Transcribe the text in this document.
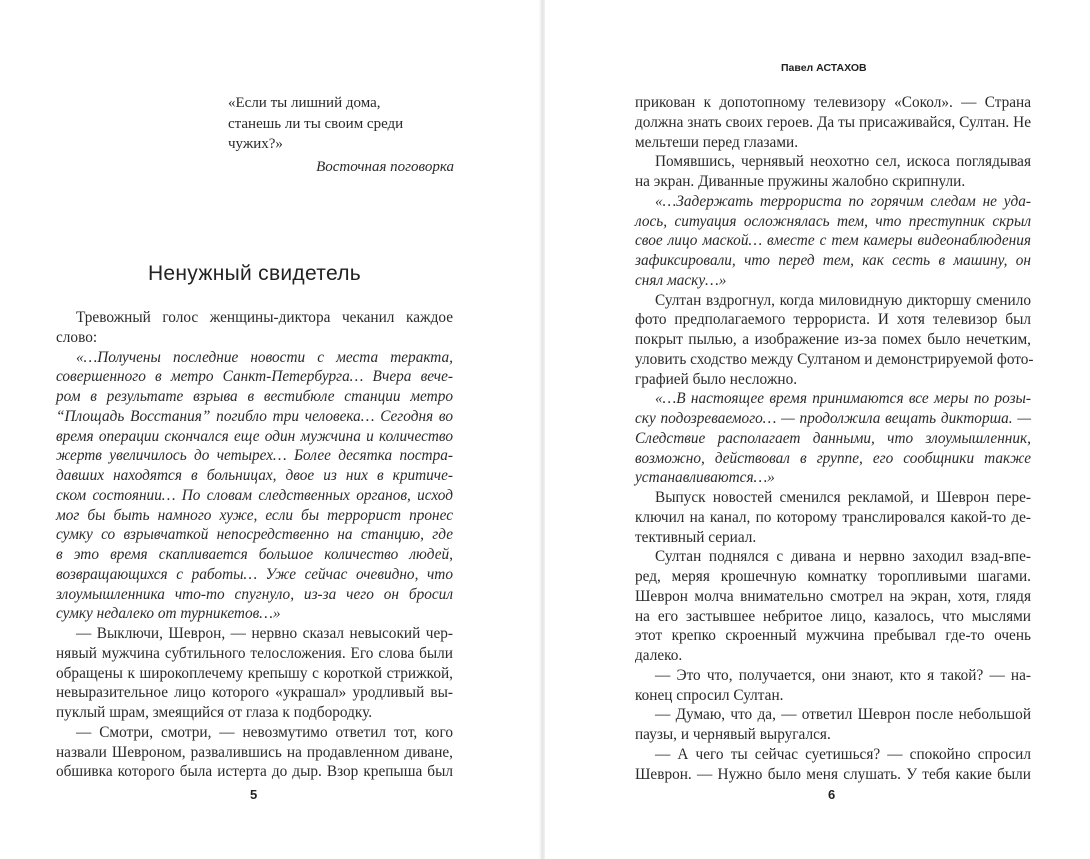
«Если ты лишний дома,
станешь ли ты своим среди чужих?»
Восточная поговорка
Ненужный свидетель
Тревожный голос женщины-диктора чеканил каждое
слово:
«…Получены последние новости с места теракта,
совершенного в метро Санкт-Петербурга… Вчера вече-
ром в результате взрыва в вестибюле станции метро
“Площадь Восстания” погибло три человека… Сегодня во
время операции скончался еще один мужчина и количество
жертв увеличилось до четырех… Более десятка постра-
давших находятся в больницах, двое из них в критиче-
ском состоянии… По словам следственных органов, исход
мог бы быть намного хуже, если бы террорист пронес
сумку со взрывчаткой непосредственно на станцию, где
в это время скапливается большое количество людей,
возвращающихся с работы… Уже сейчас очевидно, что
злоумышленника что-то спугнуло, из-за чего он бросил
сумку недалеко от турникетов…»
— Выключи, Шеврон, — нервно сказал невысокий чер-
нявый мужчина субтильного телосложения. Его слова были
обращены к широкоплечему крепышу с короткой стрижкой,
невыразительное лицо которого «украшал» уродливый вы-
пуклый шрам, змеящийся от глаза к подбородку.
— Смотри, смотри, — невозмутимо ответил тот, кого
назвали Шевроном, развалившись на продавленном диване,
обшивка которого была истерта до дыр. Взор крепыша был
5
Павел АСТАХОВ
прикован к допотопному телевизору «Сокол». — Страна
должна знать своих героев. Да ты присаживайся, Султан. Не
мельтеши перед глазами.
Помявшись, чернявый неохотно сел, искоса поглядывая
на экран. Диванные пружины жалобно скрипнули.
«…Задержать террориста по горячим следам не уда-
лось, ситуация осложнялась тем, что преступник скрыл
свое лицо маской… вместе с тем камеры видеонаблюдения
зафиксировали, что перед тем, как сесть в машину, он
снял маску…»
Султан вздрогнул, когда миловидную дикторшу сменило
фото предполагаемого террориста. И хотя телевизор был
покрыт пылью, а изображение из-за помех было нечетким,
уловить сходство между Султаном и демонстрируемой фото-
графией было несложно.
«…В настоящее время принимаются все меры по розы-
ску подозреваемого… — продолжила вещать дикторша. —
Следствие располагает данными, что злоумышленник,
возможно, действовал в группе, его сообщники также
устанавливаются…»
Выпуск новостей сменился рекламой, и Шеврон пере-
ключил на канал, по которому транслировался какой-то де-
тективный сериал.
Султан поднялся с дивана и нервно заходил взад-впе-
ред, меряя крошечную комнатку торопливыми шагами.
Шеврон молча внимательно смотрел на экран, хотя, глядя
на его застывшее небритое лицо, казалось, что мыслями
этот крепко скроенный мужчина пребывал где-то очень
далеко.
— Это что, получается, они знают, кто я такой? — на-
конец спросил Султан.
— Думаю, что да, — ответил Шеврон после небольшой
паузы, и чернявый выругался.
— А чего ты сейчас суетишься? — спокойно спросил
Шеврон. — Нужно было меня слушать. У тебя какие были
6
